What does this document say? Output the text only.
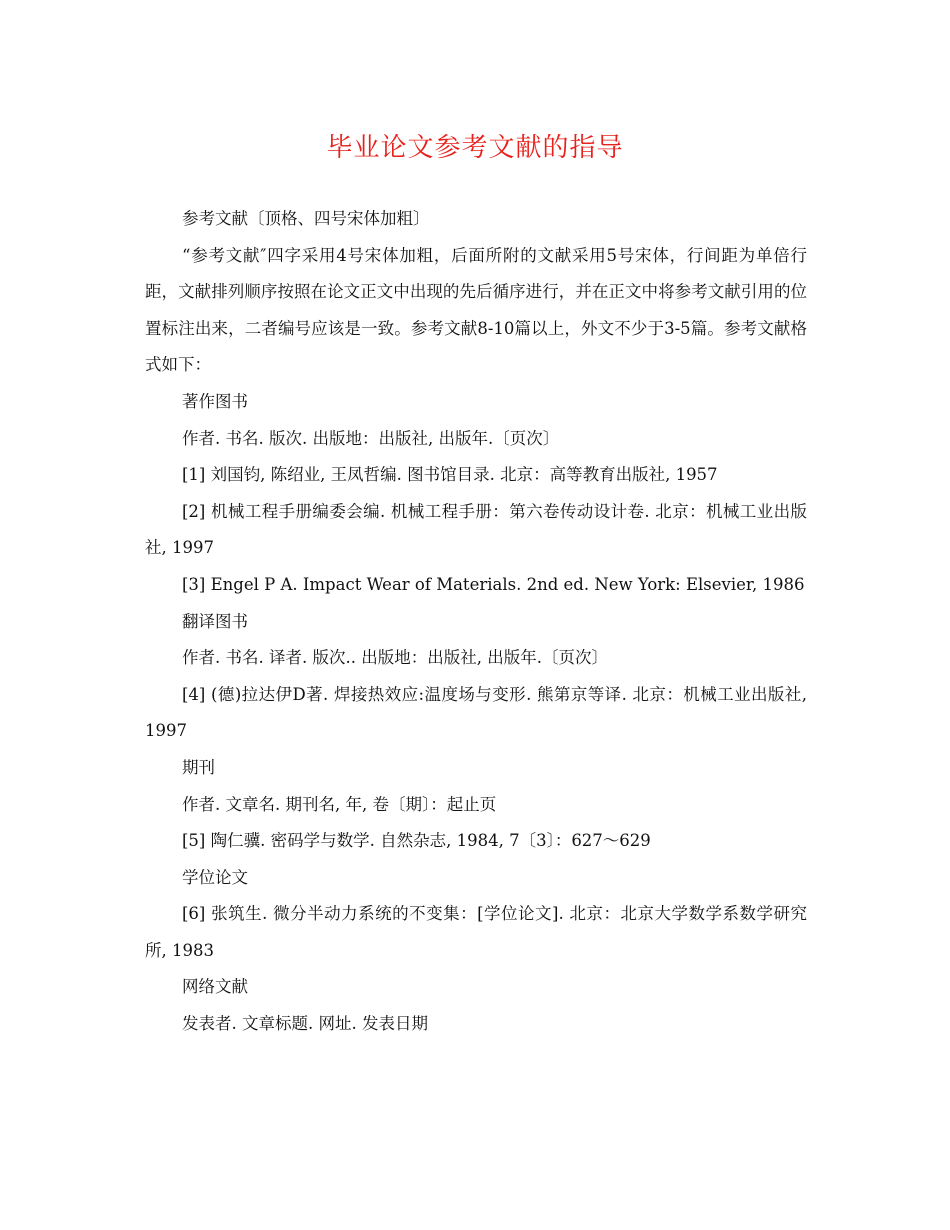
毕业论文参考文献的指导

参考文献〔顶格、四号宋体加粗〕

“参考文献″四字采用4号宋体加粗，后面所附的文献采用5号宋体，行间距为单倍行距，文献排列顺序按照在论文正文中出现的先后循序进行，并在正文中将参考文献引用的位置标注出来，二者编号应该是一致。参考文献8-10篇以上，外文不少于3-5篇。参考文献格式如下：

著作图书

作者. 书名. 版次. 出版地：出版社, 出版年.〔页次〕

[1] 刘国钧, 陈绍业, 王凤哲编. 图书馆目录. 北京：高等教育出版社, 1957

[2] 机械工程手册编委会编. 机械工程手册：第六卷传动设计卷. 北京：机械工业出版社, 1997

[3] Engel P A. Impact Wear of Materials. 2nd ed. New York: Elsevier, 1986

翻译图书

作者. 书名. 译者. 版次.. 出版地：出版社, 出版年.〔页次〕

[4] (德)拉达伊D著. 焊接热效应:温度场与变形. 熊第京等译. 北京：机械工业出版社, 1997

期刊

作者. 文章名. 期刊名, 年, 卷〔期〕：起止页

[5] 陶仁骥. 密码学与数学. 自然杂志, 1984, 7〔3〕：627～629

学位论文

[6] 张筑生. 微分半动力系统的不变集：[学位论文]. 北京：北京大学数学系数学研究所, 1983

网络文献

发表者. 文章标题. 网址. 发表日期
